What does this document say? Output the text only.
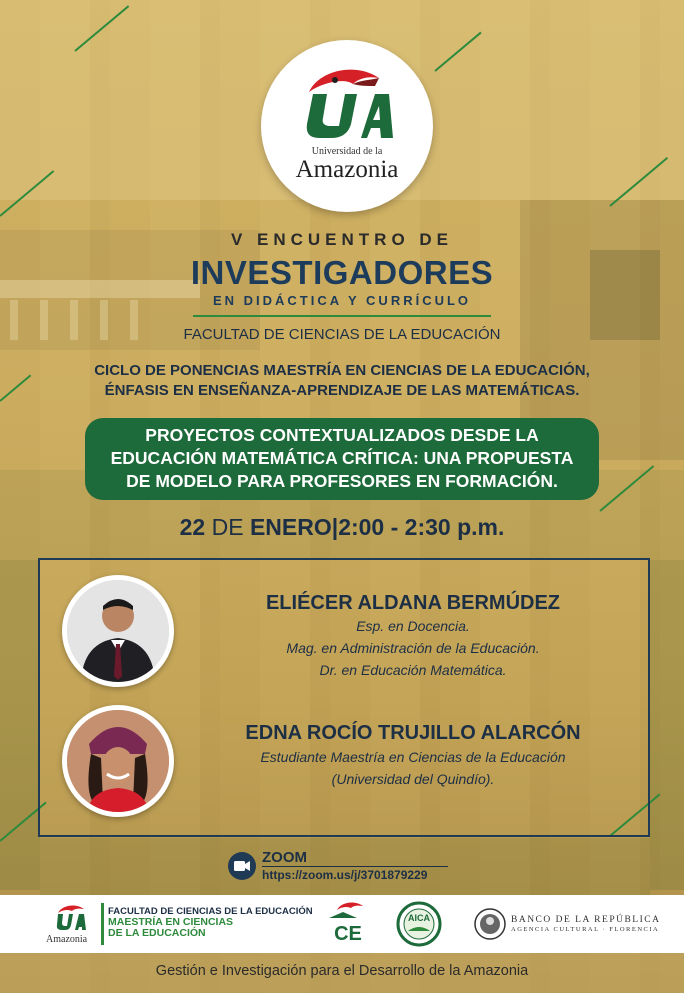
Universidad de la
Amazonia
V ENCUENTRO DE
INVESTIGADORES
EN DIDÁCTICA Y CURRÍCULO
FACULTAD DE CIENCIAS DE LA EDUCACIÓN
CICLO DE PONENCIAS MAESTRÍA EN CIENCIAS DE LA EDUCACIÓN,
ÉNFASIS EN ENSEÑANZA-APRENDIZAJE DE LAS MATEMÁTICAS.
PROYECTOS CONTEXTUALIZADOS DESDE LA
EDUCACIÓN MATEMÁTICA CRÍTICA: UNA PROPUESTA
DE MODELO PARA PROFESORES EN FORMACIÓN.
22 DE ENERO|2:00 - 2:30 p.m.
ELIÉCER ALDANA BERMÚDEZ
Esp. en Docencia.
Mag. en Administración de la Educación.
Dr. en Educación Matemática.
EDNA ROCÍO TRUJILLO ALARCÓN
Estudiante Maestría en Ciencias de la Educación
(Universidad del Quindío).
ZOOM
https://zoom.us/j/3701879229
Amazonia
FACULTAD DE CIENCIAS DE LA EDUCACIÓN
MAESTRÍA EN CIENCIAS
DE LA EDUCACIÓN	CE
AICA	BANCO DE LA REPÚBLICA
AGENCIA CULTURAL · FLORENCIA
Gestión e Investigación para el Desarrollo de la Amazonia
